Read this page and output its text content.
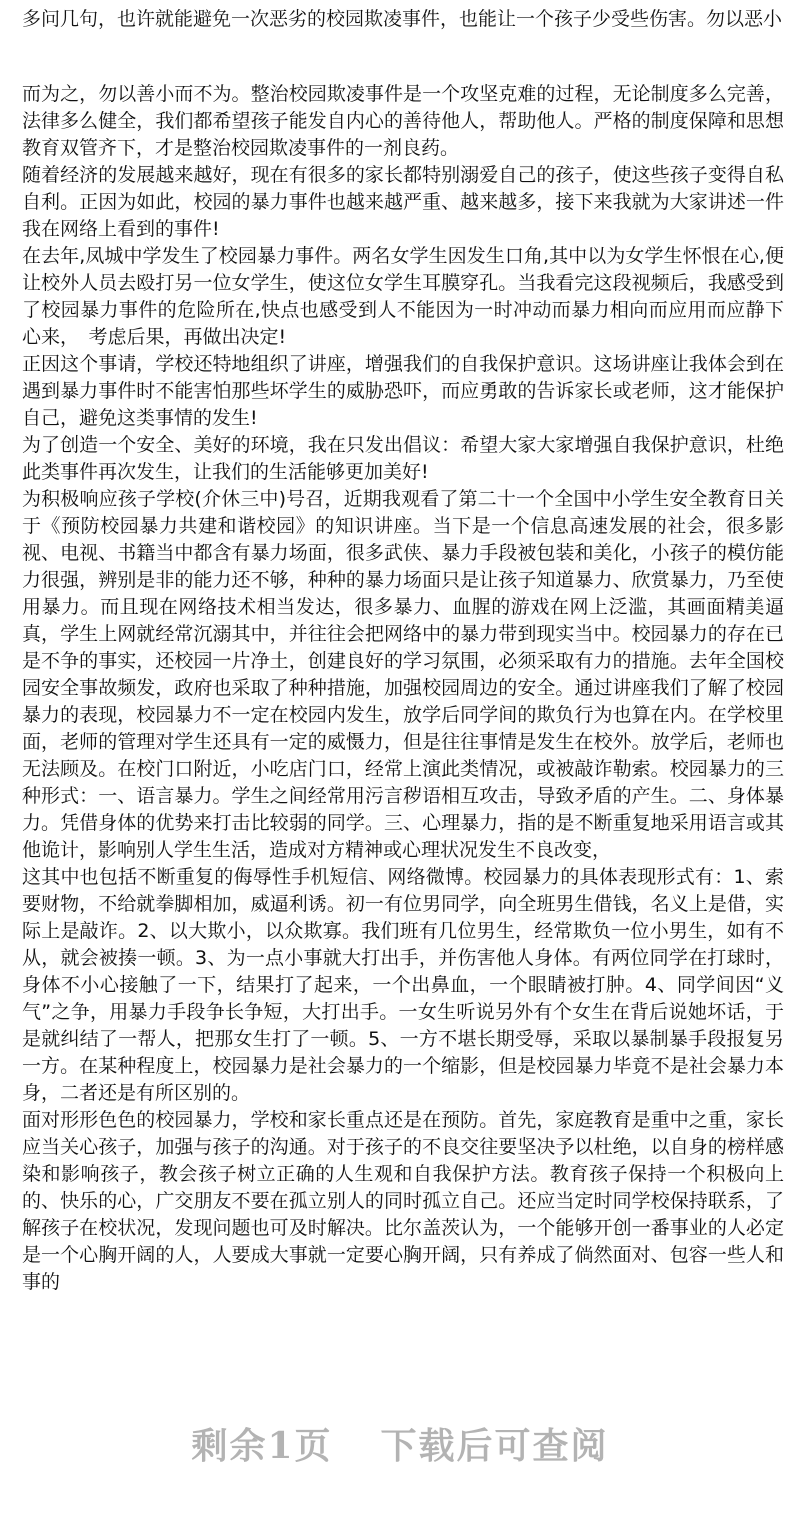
多问几句，也许就能避免一次恶劣的校园欺凌事件，也能让一个孩子少受些伤害。勿以恶小

而为之，勿以善小而不为。整治校园欺凌事件是一个攻坚克难的过程，无论制度多么完善，法律多么健全，我们都希望孩子能发自内心的善待他人，帮助他人。严格的制度保障和思想教育双管齐下，才是整治校园欺凌事件的一剂良药。

随着经济的发展越来越好，现在有很多的家长都特别溺爱自己的孩子，使这些孩子变得自私自利。正因为如此，校园的暴力事件也越来越严重、越来越多，接下来我就为大家讲述一件我在网络上看到的事件!

在去年,凤城中学发生了校园暴力事件。两名女学生因发生口角,其中以为女学生怀恨在心,便让校外人员去殴打另一位女学生，使这位女学生耳膜穿孔。当我看完这段视频后，我感受到了校园暴力事件的危险所在,快点也感受到人不能因为一时冲动而暴力相向而应用而应静下心来，　考虑后果，再做出决定!

正因这个事请，学校还特地组织了讲座，增强我们的自我保护意识。这场讲座让我体会到在遇到暴力事件时不能害怕那些坏学生的威胁恐吓，而应勇敢的告诉家长或老师，这才能保护自己，避免这类事情的发生!

为了创造一个安全、美好的环境，我在只发出倡议：希望大家大家增强自我保护意识，杜绝此类事件再次发生，让我们的生活能够更加美好!

为积极响应孩子学校(介休三中)号召，近期我观看了第二十一个全国中小学生安全教育日关于《预防校园暴力共建和谐校园》的知识讲座。当下是一个信息高速发展的社会，很多影视、电视、书籍当中都含有暴力场面，很多武侠、暴力手段被包装和美化，小孩子的模仿能力很强，辨别是非的能力还不够，种种的暴力场面只是让孩子知道暴力、欣赏暴力，乃至使用暴力。而且现在网络技术相当发达，很多暴力、血腥的游戏在网上泛滥，其画面精美逼真，学生上网就经常沉溺其中，并往往会把网络中的暴力带到现实当中。校园暴力的存在已是不争的事实，还校园一片净土，创建良好的学习氛围，必须采取有力的措施。去年全国校园安全事故频发，政府也采取了种种措施，加强校园周边的安全。通过讲座我们了解了校园暴力的表现，校园暴力不一定在校园内发生，放学后同学间的欺负行为也算在内。在学校里面，老师的管理对学生还具有一定的威慑力，但是往往事情是发生在校外。放学后，老师也无法顾及。在校门口附近，小吃店门口，经常上演此类情况，或被敲诈勒索。校园暴力的三种形式：一、语言暴力。学生之间经常用污言秽语相互攻击，导致矛盾的产生。二、身体暴力。凭借身体的优势来打击比较弱的同学。三、心理暴力，指的是不断重复地采用语言或其他诡计，影响别人学生生活，造成对方精神或心理状况发生不良改变，

这其中也包括不断重复的侮辱性手机短信、网络微博。校园暴力的具体表现形式有：1、索要财物，不给就拳脚相加，威逼利诱。初一有位男同学，向全班男生借钱，名义上是借，实际上是敲诈。2、以大欺小，以众欺寡。我们班有几位男生，经常欺负一位小男生，如有不从，就会被揍一顿。3、为一点小事就大打出手，并伤害他人身体。有两位同学在打球时，身体不小心接触了一下，结果打了起来，一个出鼻血，一个眼睛被打肿。4、同学间因“义气”之争，用暴力手段争长争短，大打出手。一女生听说另外有个女生在背后说她坏话，于是就纠结了一帮人，把那女生打了一顿。5、一方不堪长期受辱，采取以暴制暴手段报复另一方。在某种程度上，校园暴力是社会暴力的一个缩影，但是校园暴力毕竟不是社会暴力本身，二者还是有所区别的。

面对形形色色的校园暴力，学校和家长重点还是在预防。首先，家庭教育是重中之重，家长应当关心孩子，加强与孩子的沟通。对于孩子的不良交往要坚决予以杜绝，以自身的榜样感染和影响孩子，教会孩子树立正确的人生观和自我保护方法。教育孩子保持一个积极向上的、快乐的心，广交朋友不要在孤立别人的同时孤立自己。还应当定时同学校保持联系，了解孩子在校状况，发现问题也可及时解决。比尔盖茨认为，一个能够开创一番事业的人必定是一个心胸开阔的人，人要成大事就一定要心胸开阔，只有养成了倘然面对、包容一些人和事的

剩余1页 下载后可查阅
